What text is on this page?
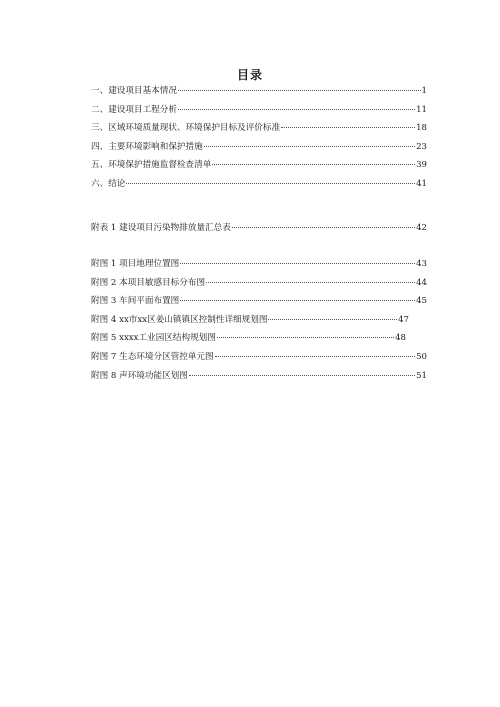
目录
一、建设项目基本情况	1
二、建设项目工程分析	11
三、区域环境质量现状、环境保护目标及评价标准	18
四、主要环境影响和保护措施	23
五、环境保护措施监督检查清单	39
六、结论	41
附表 1 建设项目污染物排放量汇总表	42
附图 1 项目地理位置图	43
附图 2 本项目敏感目标分布图	44
附图 3 车间平面布置图	45
附图 4 xx市xx区姜山镇镇区控制性详细规划图	47
附图 5 xxxx工业园区结构规划图	48
附图 7 生态环境分区管控单元图	50
附图 8 声环境功能区划图	51
